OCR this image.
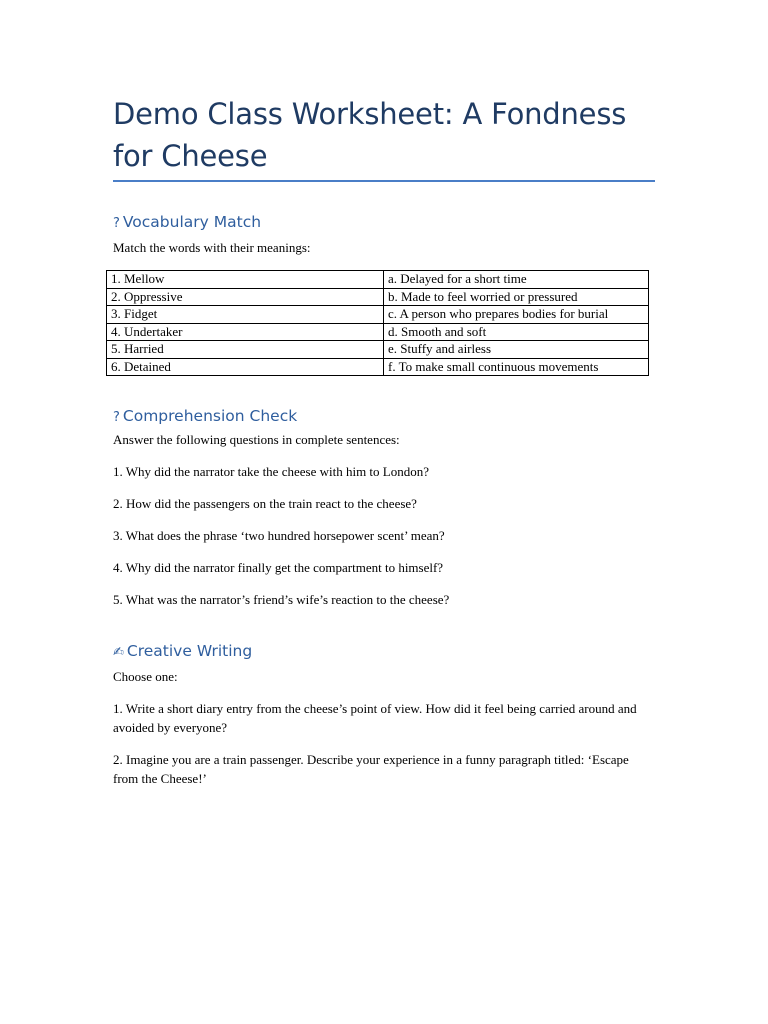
Demo Class Worksheet: A Fondness for Cheese
? Vocabulary Match

Match the words with their meanings:

1. Mellow	a. Delayed for a short time
2. Oppressive	b. Made to feel worried or pressured
3. Fidget	c. A person who prepares bodies for burial
4. Undertaker	d. Smooth and soft
5. Harried	e. Stuffy and airless
6. Detained	f. To make small continuous movements
? Comprehension Check

Answer the following questions in complete sentences:

1. Why did the narrator take the cheese with him to London?

2. How did the passengers on the train react to the cheese?

3. What does the phrase ‘two hundred horsepower scent’ mean?

4. Why did the narrator finally get the compartment to himself?

5. What was the narrator’s friend’s wife’s reaction to the cheese?

✍ Creative Writing

Choose one:

1. Write a short diary entry from the cheese’s point of view. How did it feel being carried around and avoided by everyone?

2. Imagine you are a train passenger. Describe your experience in a funny paragraph titled: ‘Escape from the Cheese!’
